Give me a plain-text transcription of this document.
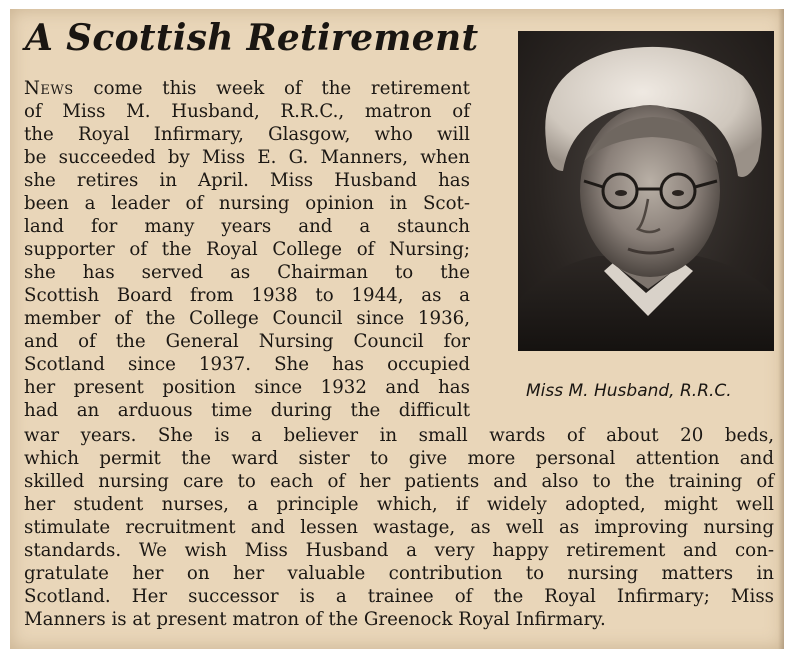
A Scottish Retirement
Miss M. Husband, R.R.C.
News come this week of the retirement
of Miss M. Husband, R.R.C., matron of
the Royal Infirmary, Glasgow, who will
be succeeded by Miss E. G. Manners, when
she retires in April. Miss Husband has
been a leader of nursing opinion in Scot-
land for many years and a staunch
supporter of the Royal College of Nursing;
she has served as Chairman to the
Scottish Board from 1938 to 1944, as a
member of the College Council since 1936,
and of the General Nursing Council for
Scotland since 1937. She has occupied
her present position since 1932 and has
had an arduous time during the difficult
war years. She is a believer in small wards of about 20 beds,
which permit the ward sister to give more personal attention and
skilled nursing care to each of her patients and also to the training of
her student nurses, a principle which, if widely adopted, might well
stimulate recruitment and lessen wastage, as well as improving nursing
standards. We wish Miss Husband a very happy retirement and con-
gratulate her on her valuable contribution to nursing matters in
Scotland. Her successor is a trainee of the Royal Infirmary; Miss
Manners is at present matron of the Greenock Royal Infirmary.
